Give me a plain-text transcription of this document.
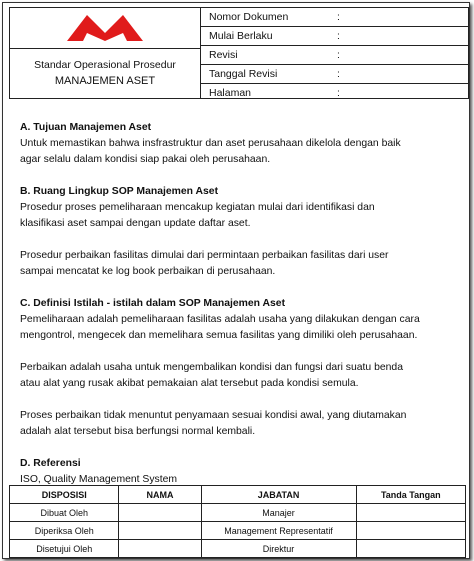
Standar Operasional Prosedur
MANAJEMEN ASET
Nomor Dokumen	:
Mulai Berlaku	:
Revisi	:
Tanggal Revisi	:
Halaman	:
A. Tujuan Manajemen Aset
Untuk memastikan bahwa insfrastruktur dan aset perusahaan dikelola dengan baik
agar selalu dalam kondisi siap pakai oleh perusahaan.
B. Ruang Lingkup SOP Manajemen Aset
Prosedur proses pemeliharaan mencakup kegiatan mulai dari identifikasi dan
klasifikasi aset sampai dengan update daftar aset.
Prosedur perbaikan fasilitas dimulai dari permintaan perbaikan fasilitas dari user
sampai mencatat ke log book perbaikan di perusahaan.
C. Definisi Istilah - istilah dalam SOP Manajemen Aset
Pemeliharaan adalah pemeliharaan fasilitas adalah usaha yang dilakukan dengan cara
mengontrol, mengecek dan memelihara semua fasilitas yang dimiliki oleh perusahaan.
Perbaikan adalah usaha untuk mengembalikan kondisi dan fungsi dari suatu benda
atau alat yang rusak akibat pemakaian alat tersebut pada kondisi semula.
Proses perbaikan tidak menuntut penyamaan sesuai kondisi awal, yang diutamakan
adalah alat tersebut bisa berfungsi normal kembali.
D. Referensi
ISO, Quality Management System
DISPOSISI	NAMA	JABATAN	Tanda Tangan
Dibuat Oleh		Manajer	
Diperiksa Oleh		Management Representatif	
Disetujui Oleh		Direktur	
